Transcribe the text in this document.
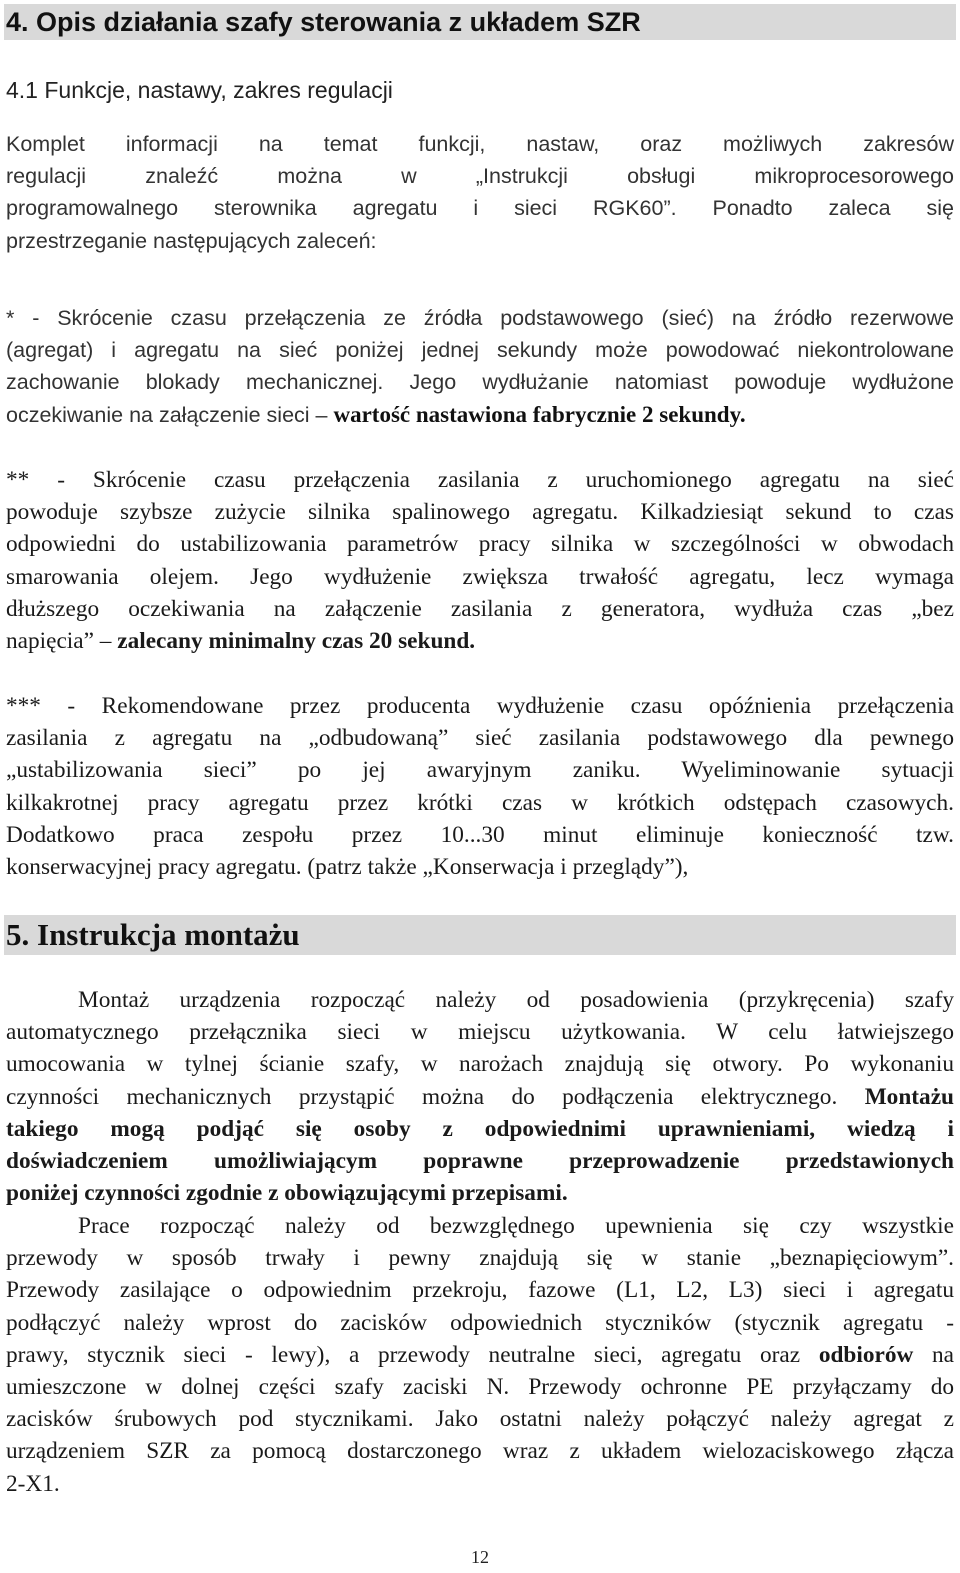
4. Opis działania szafy sterowania z układem SZR
4.1 Funkcje, nastawy, zakres regulacji
Komplet informacji na temat funkcji, nastaw, oraz możliwych zakresów
regulacji znaleźć można w „Instrukcji obsługi mikroprocesorowego
programowalnego sterownika agregatu i sieci RGK60”. Ponadto zaleca się
przestrzeganie następujących zaleceń:
* - Skrócenie czasu przełączenia ze źródła podstawowego (sieć) na źródło rezerwowe
(agregat) i agregatu na sieć poniżej jednej sekundy może powodować niekontrolowane
zachowanie blokady mechanicznej. Jego wydłużanie natomiast powoduje wydłużone
oczekiwanie na załączenie sieci – wartość nastawiona fabrycznie 2 sekundy.
** - Skrócenie czasu przełączenia zasilania z uruchomionego agregatu na sieć
powoduje szybsze zużycie silnika spalinowego agregatu. Kilkadziesiąt sekund to czas
odpowiedni do ustabilizowania parametrów pracy silnika w szczególności w obwodach
smarowania olejem. Jego wydłużenie zwiększa trwałość agregatu, lecz wymaga
dłuższego oczekiwania na załączenie zasilania z generatora, wydłuża czas „bez
napięcia” – zalecany minimalny czas 20 sekund.
*** - Rekomendowane przez producenta wydłużenie czasu opóźnienia przełączenia
zasilania z agregatu na „odbudowaną” sieć zasilania podstawowego dla pewnego
„ustabilizowania sieci” po jej awaryjnym zaniku. Wyeliminowanie sytuacji
kilkakrotnej pracy agregatu przez krótki czas w krótkich odstępach czasowych.
Dodatkowo praca zespołu przez 10...30 minut eliminuje konieczność tzw.
konserwacyjnej pracy agregatu. (patrz także „Konserwacja i przeglądy”),
5. Instrukcja montażu
Montaż urządzenia rozpocząć należy od posadowienia (przykręcenia) szafy
automatycznego przełącznika sieci w miejscu użytkowania. W celu łatwiejszego
umocowania w tylnej ścianie szafy, w narożach znajdują się otwory. Po wykonaniu
czynności mechanicznych przystąpić można do podłączenia elektrycznego. Montażu
takiego mogą podjąć się osoby z odpowiednimi uprawnieniami, wiedzą i
doświadczeniem umożliwiającym poprawne przeprowadzenie przedstawionych
poniżej czynności zgodnie z obowiązującymi przepisami.
Prace rozpocząć należy od bezwzględnego upewnienia się czy wszystkie
przewody w sposób trwały i pewny znajdują się w stanie „beznapięciowym”.
Przewody zasilające o odpowiednim przekroju, fazowe (L1, L2, L3) sieci i agregatu
podłączyć należy wprost do zacisków odpowiednich styczników (stycznik agregatu -
prawy, stycznik sieci - lewy), a przewody neutralne sieci, agregatu oraz odbiorów na
umieszczone w dolnej części szafy zaciski N. Przewody ochronne PE przyłączamy do
zacisków śrubowych pod stycznikami. Jako ostatni należy połączyć należy agregat z
urządzeniem SZR za pomocą dostarczonego wraz z układem wielozaciskowego złącza
2-X1.
12
